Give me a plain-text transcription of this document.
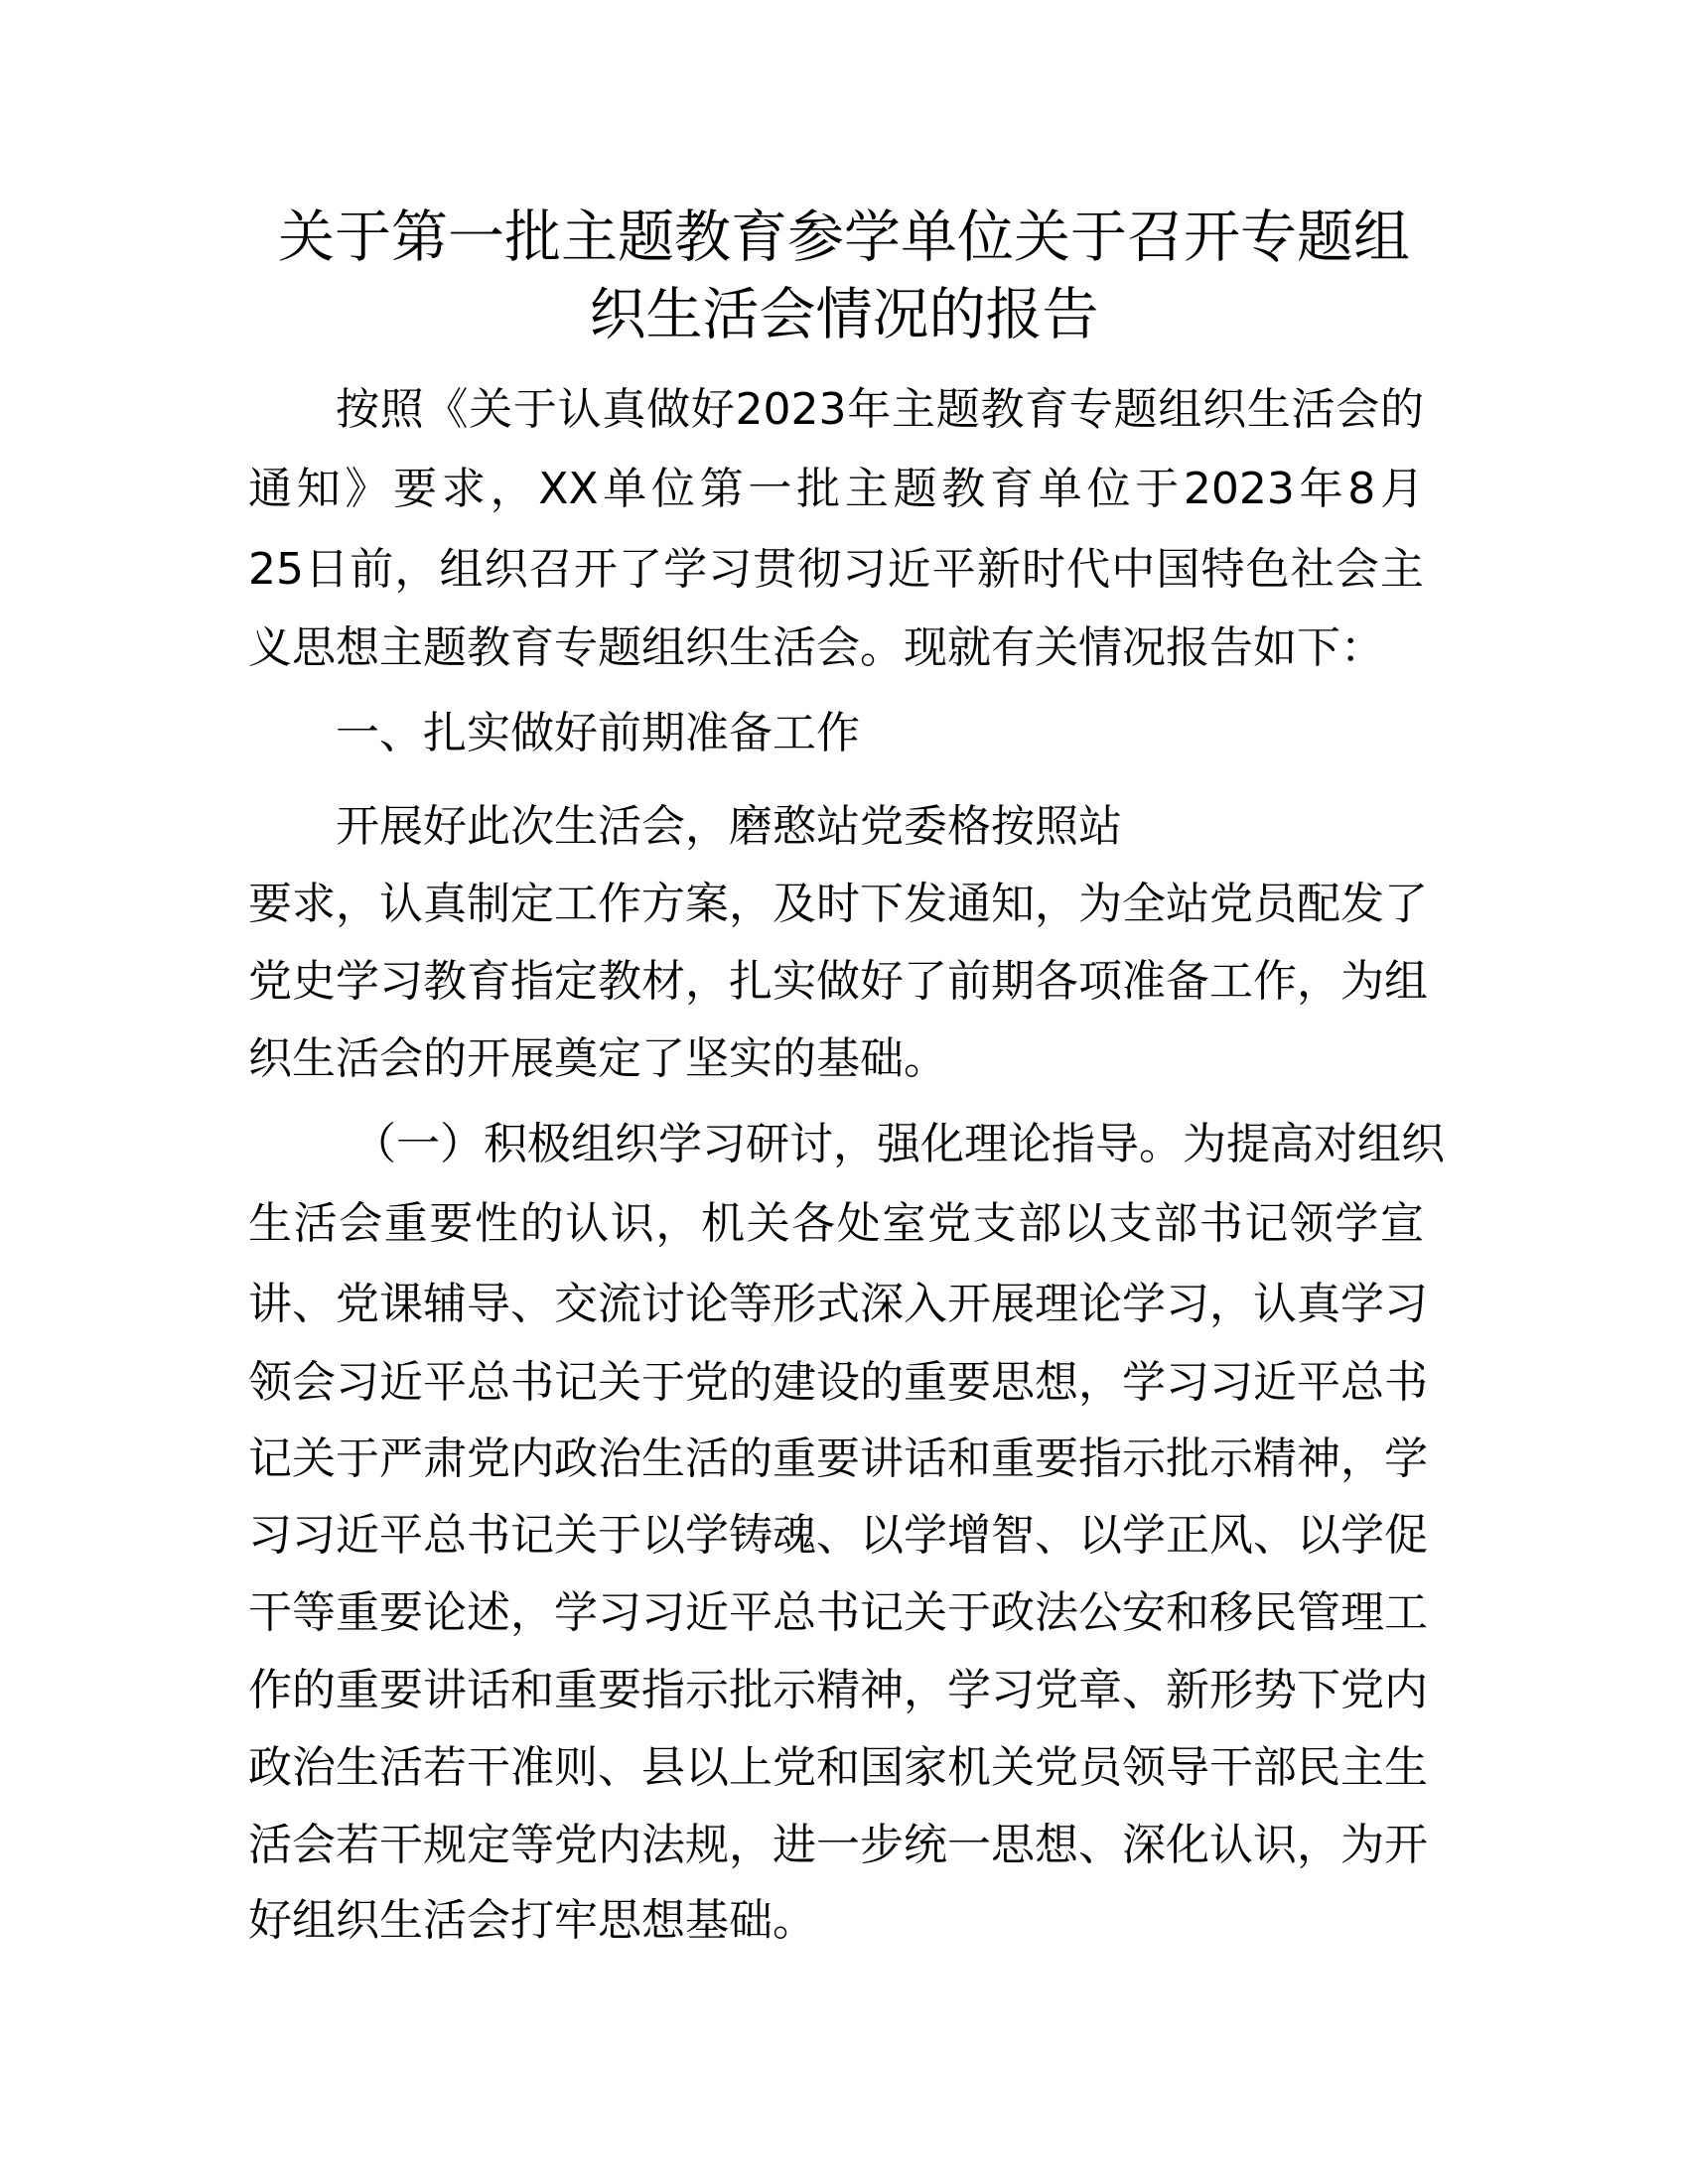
关于第一批主题教育参学单位关于召开专题组
织生活会情况的报告
按照《关于认真做好2023年主题教育专题组织生活会的
通知》要求，XX单位第一批主题教育单位于2023年8月
25日前，组织召开了学习贯彻习近平新时代中国特色社会主
义思想主题教育专题组织生活会。现就有关情况报告如下：
一、扎实做好前期准备工作
开展好此次生活会，磨憨站党委格按照站
要求，认真制定工作方案，及时下发通知，为全站党员配发了
党史学习教育指定教材，扎实做好了前期各项准备工作，为组
织生活会的开展奠定了坚实的基础。
（一）积极组织学习研讨，强化理论指导。为提高对组织
生活会重要性的认识，机关各处室党支部以支部书记领学宣
讲、党课辅导、交流讨论等形式深入开展理论学习，认真学习
领会习近平总书记关于党的建设的重要思想，学习习近平总书
记关于严肃党内政治生活的重要讲话和重要指示批示精神，学
习习近平总书记关于以学铸魂、以学增智、以学正风、以学促
干等重要论述，学习习近平总书记关于政法公安和移民管理工
作的重要讲话和重要指示批示精神，学习党章、新形势下党内
政治生活若干准则、县以上党和国家机关党员领导干部民主生
活会若干规定等党内法规，进一步统一思想、深化认识，为开
好组织生活会打牢思想基础。
